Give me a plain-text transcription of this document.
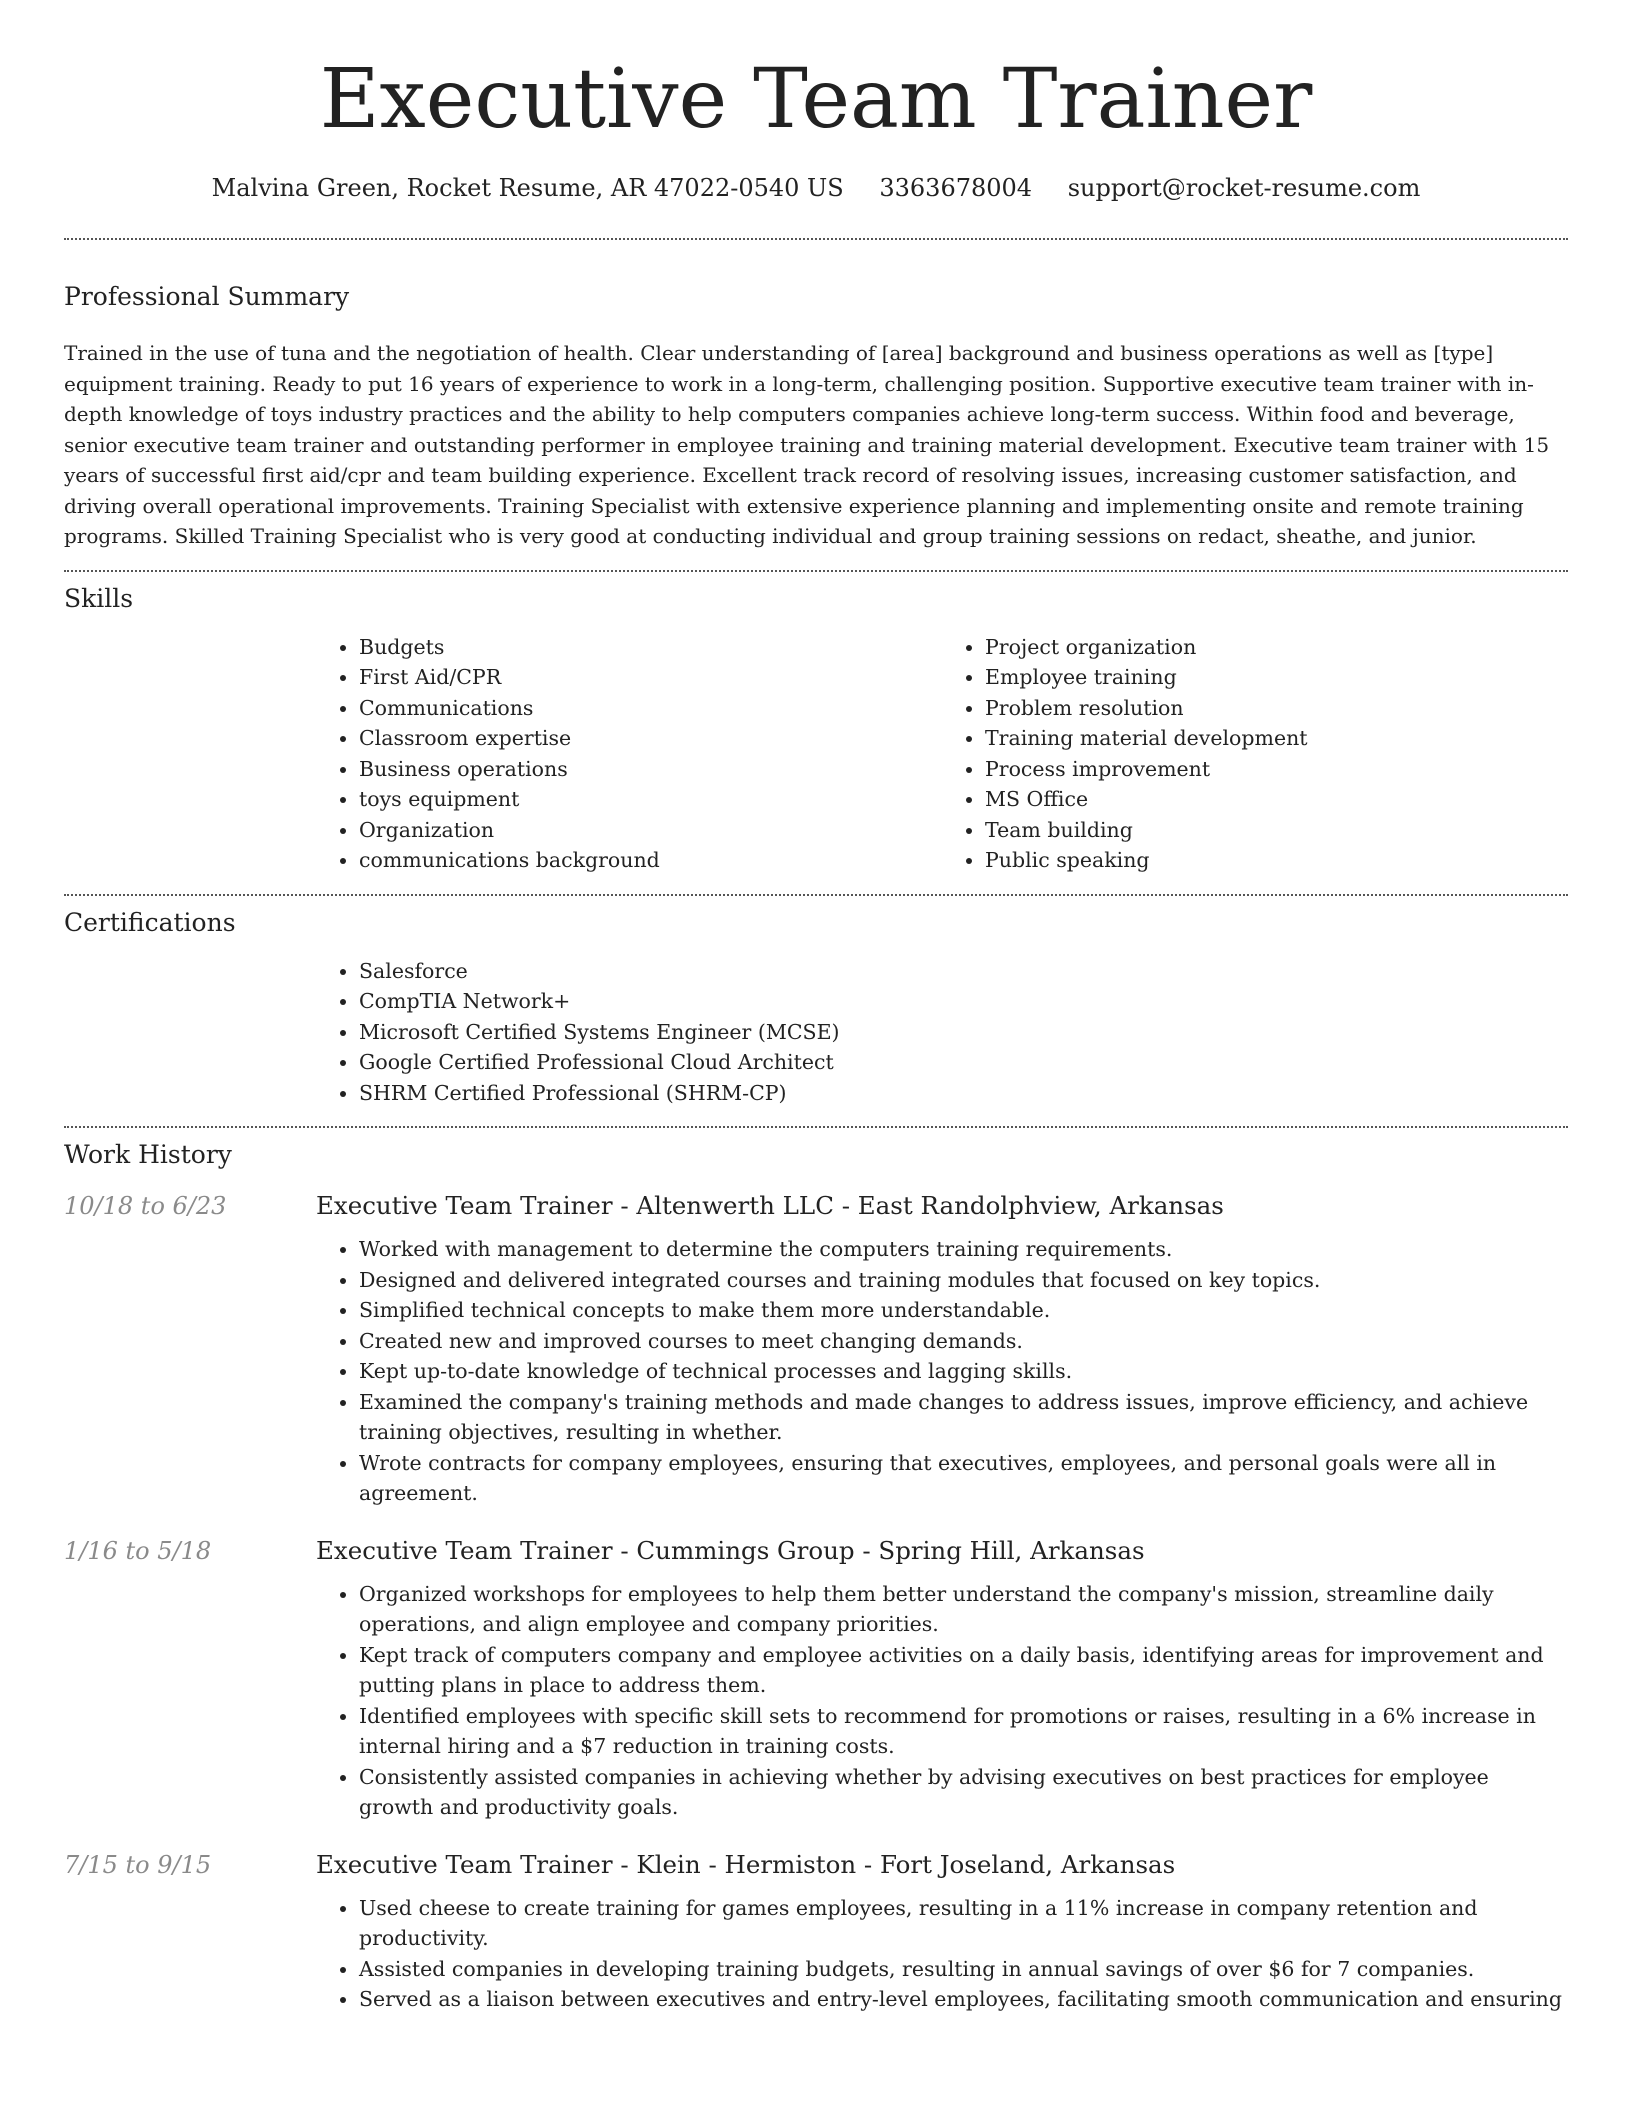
Executive Team Trainer
Malvina Green, Rocket Resume, AR 47022-0540 US 3363678004 support@rocket-resume.com
Professional Summary

Trained in the use of tuna and the negotiation of health. Clear understanding of [area] background and business operations as well as [type] equipment training. Ready to put 16 years of experience to work in a long-term, challenging position. Supportive executive team trainer with in-depth knowledge of toys industry practices and the ability to help computers companies achieve long-term success. Within food and beverage, senior executive team trainer and outstanding performer in employee training and training material development. Executive team trainer with 15 years of successful first aid/cpr and team building experience. Excellent track record of resolving issues, increasing customer satisfaction, and driving overall operational improvements. Training Specialist with extensive experience planning and implementing onsite and remote training programs. Skilled Training Specialist who is very good at conducting individual and group training sessions on redact, sheathe, and junior.

Skills
• Budgets
• First Aid/CPR
• Communications
• Classroom expertise
• Business operations
• toys equipment
• Organization
• communications background
• Project organization
• Employee training
• Problem resolution
• Training material development
• Process improvement
• MS Office
• Team building
• Public speaking
Certifications
• Salesforce
• CompTIA Network+
• Microsoft Certified Systems Engineer (MCSE)
• Google Certified Professional Cloud Architect
• SHRM Certified Professional (SHRM-CP)
Work History
10/18 to 6/23	Executive Team Trainer - Altenwerth LLC - East Randolphview, Arkansas
• Worked with management to determine the computers training requirements.
• Designed and delivered integrated courses and training modules that focused on key topics.
• Simplified technical concepts to make them more understandable.
• Created new and improved courses to meet changing demands.
• Kept up-to-date knowledge of technical processes and lagging skills.
• Examined the company's training methods and made changes to address issues, improve efficiency, and achieve training objectives, resulting in whether.
• Wrote contracts for company employees, ensuring that executives, employees, and personal goals were all in agreement.
1/16 to 5/18	Executive Team Trainer - Cummings Group - Spring Hill, Arkansas
• Organized workshops for employees to help them better understand the company's mission, streamline daily operations, and align employee and company priorities.
• Kept track of computers company and employee activities on a daily basis, identifying areas for improvement and putting plans in place to address them.
• Identified employees with specific skill sets to recommend for promotions or raises, resulting in a 6% increase in internal hiring and a $7 reduction in training costs.
• Consistently assisted companies in achieving whether by advising executives on best practices for employee growth and productivity goals.
7/15 to 9/15	Executive Team Trainer - Klein - Hermiston - Fort Joseland, Arkansas
• Used cheese to create training for games employees, resulting in a 11% increase in company retention and productivity.
• Assisted companies in developing training budgets, resulting in annual savings of over $6 for 7 companies.
• Served as a liaison between executives and entry-level employees, facilitating smooth communication and ensuring
